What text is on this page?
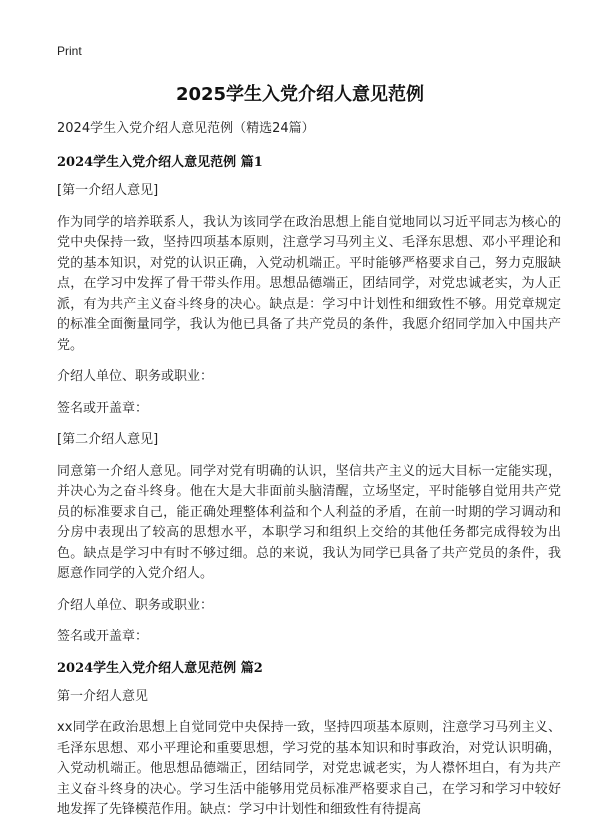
Print
2025学生入党介绍人意见范例

2024学生入党介绍人意见范例（精选24篇）

2024学生入党介绍人意见范例 篇1

[第一介绍人意见]

作为同学的培养联系人，我认为该同学在政治思想上能自觉地同以习近平同志为核心的党中央保持一致，坚持四项基本原则，注意学习马列主义、毛泽东思想、邓小平理论和党的基本知识，对党的认识正确，入党动机端正。平时能够严格要求自己，努力克服缺点，在学习中发挥了骨干带头作用。思想品德端正，团结同学，对党忠诚老实，为人正派，有为共产主义奋斗终身的决心。缺点是：学习中计划性和细致性不够。用党章规定的标准全面衡量同学，我认为他已具备了共产党员的条件，我愿介绍同学加入中国共产党。

介绍人单位、职务或职业：

签名或开盖章：

[第二介绍人意见]

同意第一介绍人意见。同学对党有明确的认识，坚信共产主义的远大目标一定能实现，并决心为之奋斗终身。他在大是大非面前头脑清醒，立场坚定，平时能够自觉用共产党员的标准要求自己，能正确处理整体利益和个人利益的矛盾，在前一时期的学习调动和分房中表现出了较高的思想水平，本职学习和组织上交给的其他任务都完成得较为出色。缺点是学习中有时不够过细。总的来说，我认为同学已具备了共产党员的条件，我愿意作同学的入党介绍人。

介绍人单位、职务或职业：

签名或开盖章：

2024学生入党介绍人意见范例 篇2

第一介绍人意见

xx同学在政治思想上自觉同党中央保持一致，坚持四项基本原则，注意学习马列主义、毛泽东思想、邓小平理论和重要思想，学习党的基本知识和时事政治，对党认识明确，入党动机端正。他思想品德端正，团结同学，对党忠诚老实，为人襟怀坦白，有为共产主义奋斗终身的决心。学习生活中能够用党员标准严格要求自己，在学习和学习中较好地发挥了先锋模范作用。缺点：学习中计划性和细致性有待提高
